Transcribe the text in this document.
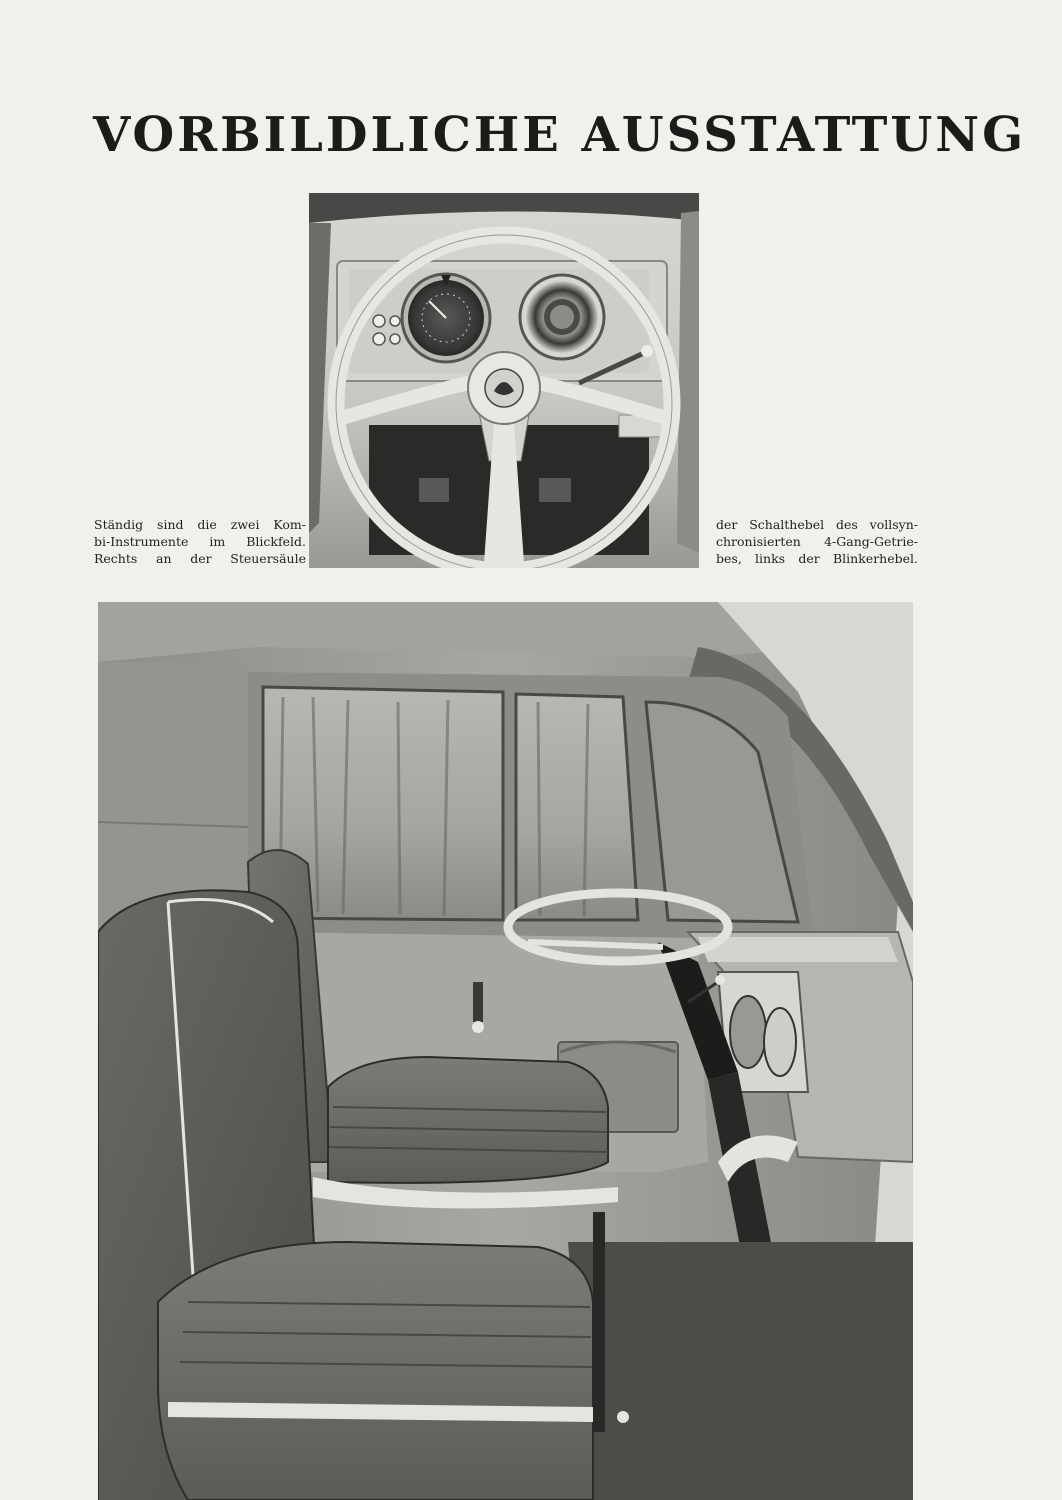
VORBILDLICHE AUSSTATTUNG
Ständig sind die zwei Kom-
bi-Instrumente im Blickfeld.
Rechts an der Steuersäule
der Schalthebel des vollsyn-
chronisierten 4-Gang-Getrie-
bes, links der Blinkerhebel.
